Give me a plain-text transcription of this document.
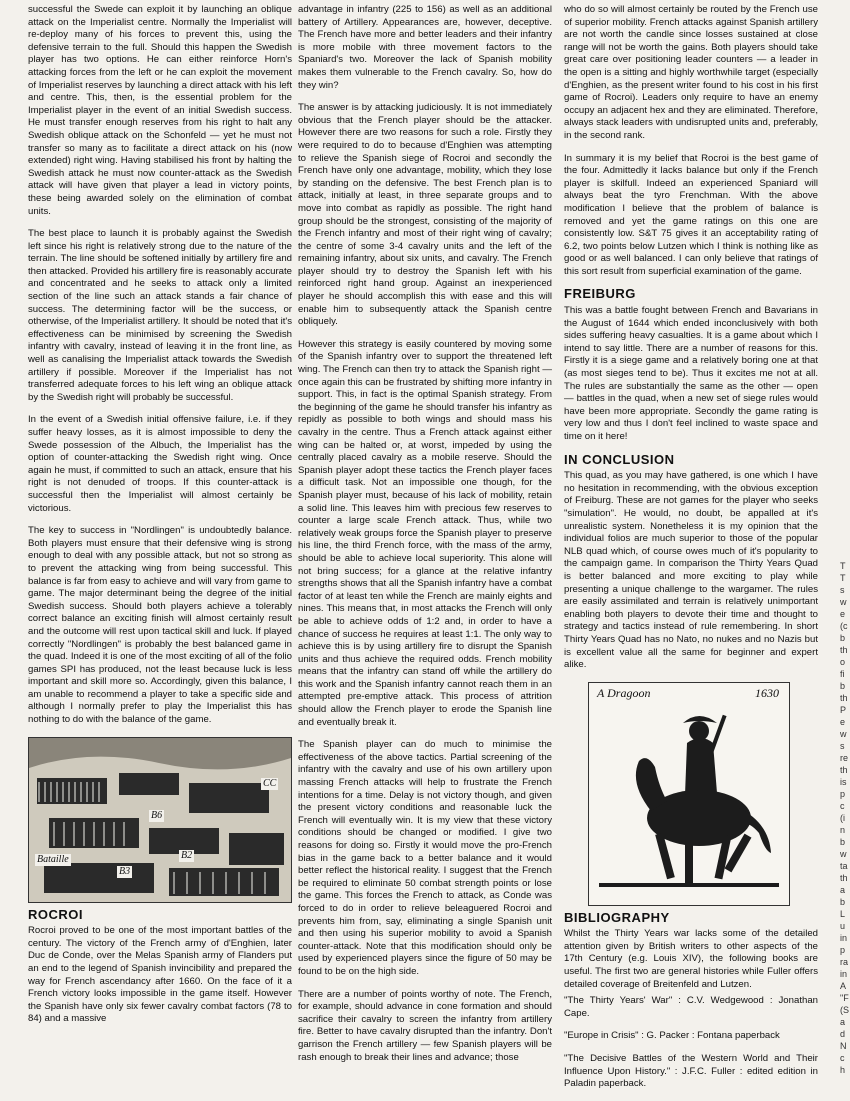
successful the Swede can exploit it by launching an oblique attack on the Imperialist centre. Normally the Imperialist will re-deploy many of his forces to prevent this, using the defensive terrain to the full. Should this happen the Swedish player has two options. He can either reinforce Horn's attacking forces from the left or he can exploit the movement of Imperialist reserves by launching a direct attack with his left and centre. This, then, is the essential problem for the Imperialist player in the event of an initial Swedish success. He must transfer enough reserves from his right to halt any Swedish oblique attack on the Schonfeld — yet he must not transfer so many as to facilitate a direct attack on his (now extended) right wing. Having stabilised his front by halting the Swedish attack he must now counter-attack as the Swedish attack will have given that player a lead in victory points, these being awarded solely on the elimination of combat units.

The best place to launch it is probably against the Swedish left since his right is relatively strong due to the nature of the terrain. The line should be softened initially by artillery fire and then attacked. Provided his artillery fire is reasonably accurate and concentrated and he seeks to attack only a limited section of the line such an attack stands a fair chance of success. The determining factor will be the success, or otherwise, of the Imperialist artillery. It should be noted that it's effectiveness can be minimised by screening the Swedish infantry with cavalry, instead of leaving it in the front line, as well as canalising the Imperialist attack towards the Swedish artillery if possible. Moreover if the Imperialist has not transferred adequate forces to his left wing an oblique attack by the Swedish right will probably be successful.

In the event of a Swedish initial offensive failure, i.e. if they suffer heavy losses, as it is almost impossible to deny the Swede possession of the Albuch, the Imperialist has the option of counter-attacking the Swedish right wing. Once again he must, if committed to such an attack, ensure that his right is not denuded of troops. If this counter-attack is successful then the Imperialist will almost certainly be victorious.

The key to success in "Nordlingen" is undoubtedly balance. Both players must ensure that their defensive wing is strong enough to deal with any possible attack, but not so strong as to prevent the attacking wing from being successful. This balance is far from easy to achieve and will vary from game to game. The major determinant being the degree of the initial Swedish success. Should both players achieve a tolerably correct balance an exciting finish will almost certainly result and the outcome will rest upon tactical skill and luck. If played correctly "Nordlingen" is probably the best balanced game in the quad. Indeed it is one of the most exciting of all of the folio games SPI has produced, not the least because luck is less important and skill more so. Accordingly, given this balance, I am unable to recommend a player to take a specific side and although I normally prefer to play the Imperialist this has nothing to do with the balance of the game.

Bataille
B6
B2
B3
CC
ROCROI

Rocroi proved to be one of the most important battles of the century. The victory of the French army of d'Enghien, later Duc de Conde, over the Melas Spanish army of Flanders put an end to the legend of Spanish invincibility and prepared the way for French ascendancy after 1660. On the face of it a French victory looks impossible in the game itself. However the Spanish have only six fewer cavalry combat factors (78 to 84) and a massive

advantage in infantry (225 to 156) as well as an additional battery of Artillery. Appearances are, however, deceptive. The French have more and better leaders and their infantry is more mobile with three movement factors to the Spaniard's two. Moreover the lack of Spanish mobility makes them vulnerable to the French cavalry. So, how do they win?

The answer is by attacking judiciously. It is not immediately obvious that the French player should be the attacker. However there are two reasons for such a role. Firstly they were required to do to because d'Enghien was attempting to relieve the Spanish siege of Rocroi and secondly the French have only one advantage, mobility, which they lose by standing on the defensive. The best French plan is to attack, initially at least, in three separate groups and to move into combat as rapidly as possible. The right hand group should be the strongest, consisting of the majority of the French infantry and most of their right wing of cavalry; the centre of some 3-4 cavalry units and the left of the remaining infantry, about six units, and cavalry. The French player should try to destroy the Spanish left with his reinforced right hand group. Against an inexperienced player he should accomplish this with ease and this will enable him to subsequently attack the Spanish centre obliquely.

However this strategy is easily countered by moving some of the Spanish infantry over to support the threatened left wing. The French can then try to attack the Spanish right — once again this can be frustrated by shifting more infantry in support. This, in fact is the optimal Spanish strategy. From the beginning of the game he should transfer his infantry as repidly as possible to both wings and should mass his cavalry in the centre. Thus a French attack against either wing can be halted or, at worst, impeded by using the centrally placed cavalry as a mobile reserve. Should the Spanish player adopt these tactics the French player faces a difficult task. Not an impossible one though, for the Spanish player must, because of his lack of mobility, retain a solid line. This leaves him with precious few reserves to counter a large scale French attack. Thus, while two relatively weak groups force the Spanish player to preserve his line, the third French force, with the mass of the army, should be able to achieve local superiority. This alone will not bring success; for a glance at the relative infantry strengths shows that all the Spanish infantry have a combat factor of at least ten while the French are mainly eights and nines. This means that, in most attacks the French will only be able to achieve odds of 1:2 and, in order to have a chance of success he requires at least 1:1. The only way to achieve this is by using artillery fire to disrupt the Spanish units and thus achieve the required odds. French mobility means that the infantry can stand off while the artillery do this work and the Spanish infantry cannot reach them in an attempted pre-emptive attack. This process of attrition should allow the French player to erode the Spanish line and eventually break it.

The Spanish player can do much to minimise the effectiveness of the above tactics. Partial screening of the infantry with the cavalry and use of his own artillery upon massing French attacks will help to frustrate the French intentions for a time. Delay is not victory though, and given the present victory conditions and reasonable luck the French will eventually win. It is my view that these victory conditions should be changed or modified. I give two reasons for doing so. Firstly it would move the pro-French bias in the game back to a better balance and it would better reflect the historical reality. I suggest that the French be required to eliminate 50 combat strength points or lose the game. This forces the French to attack, as Conde was forced to do in order to relieve beleaguered Rocroi and prevents him from, say, eliminating a single Spanish unit and then using his superior mobility to avoid a Spanish counter-attack. Note that this modification should only be used by experienced players since the figure of 50 may be found to be on the high side.

There are a number of points worthy of note. The French, for example, should advance in cone formation and should sacrifice their cavalry to screen the infantry from artillery fire. Better to have cavalry disrupted than the infantry. Don't garrison the French artillery — few Spanish players will be rash enough to break their lines and advance; those

who do so will almost certainly be routed by the French use of superior mobility. French attacks against Spanish artillery are not worth the candle since losses sustained at close range will not be worth the gains. Both players should take great care over positioning leader counters — a leader in the open is a sitting and highly worthwhile target (especially d'Enghien, as the present writer found to his cost in his first game of Rocroi). Leaders only require to have an enemy occupy an adjacent hex and they are eliminated. Therefore, always stack leaders with undisrupted units and, preferably, in the second rank.

In summary it is my belief that Rocroi is the best game of the four. Admittedly it lacks balance but only if the French player is skilfull. Indeed an experienced Spaniard will always beat the tyro Frenchman. With the above modification I believe that the problem of balance is removed and yet the game ratings on this one are consistently low. S&T 75 gives it an acceptability rating of 6.2, two points below Lutzen which I think is nothing like as good or as well balanced. I can only believe that ratings of this sort result from superficial examination of the game.

FREIBURG

This was a battle fought between French and Bavarians in the August of 1644 which ended inconclusively with both sides suffering heavy casualties. It is a game about which I intend to say little. There are a number of reasons for this. Firstly it is a siege game and a relatively boring one at that (as most sieges tend to be). Thus it excites me not at all. The rules are substantially the same as the other — open — battles in the quad, when a new set of siege rules would have been more appropriate. Secondly the game rating is very low and thus I don't feel inclined to waste space and time on it here!

IN CONCLUSION

This quad, as you may have gathered, is one which I have no hesitation in recommending, with the obvious exception of Freiburg. These are not games for the player who seeks "simulation". He would, no doubt, be appalled at it's unrealistic system. Nonetheless it is my opinion that the individual folios are much superior to those of the popular NLB quad which, of course owes much of it's popularity to the campaign game. In comparison the Thirty Years Quad is better balanced and more exciting to play while presenting a unique challenge to the wargamer. The rules are easily assimilated and terrain is relatively unimportant enabling both players to devote their time and thought to strategy and tactics instead of rule remembering. In short Thirty Years Quad has no Nato, no nukes and no Nazis but is excellent value all the same for beginner and expert alike.

A Dragoon	1630
BIBLIOGRAPHY

Whilst the Thirty Years war lacks some of the detailed attention given by British writers to other aspects of the 17th Century (e.g. Louis XIV), the following books are useful. The first two are general histories while Fuller offers detailed coverage of Breitenfeld and Lutzen.

"The Thirty Years' War" : C.V. Wedgewood : Jonathan Cape.

"Europe in Crisis" : G. Packer : Fontana paperback

"The Decisive Battles of the Western World and Their Influence Upon History." : J.F.C. Fuller : edited edition in Paladin paperback.

T
T
s
w
e
(c
b
th
o
fi
b
th
P
e
w
s
re
th
is
p
c
(i
n
b
w
ta
th
a
b
L
u
in
p
ra
in
A
"F
(S
a
d
N
c
h
